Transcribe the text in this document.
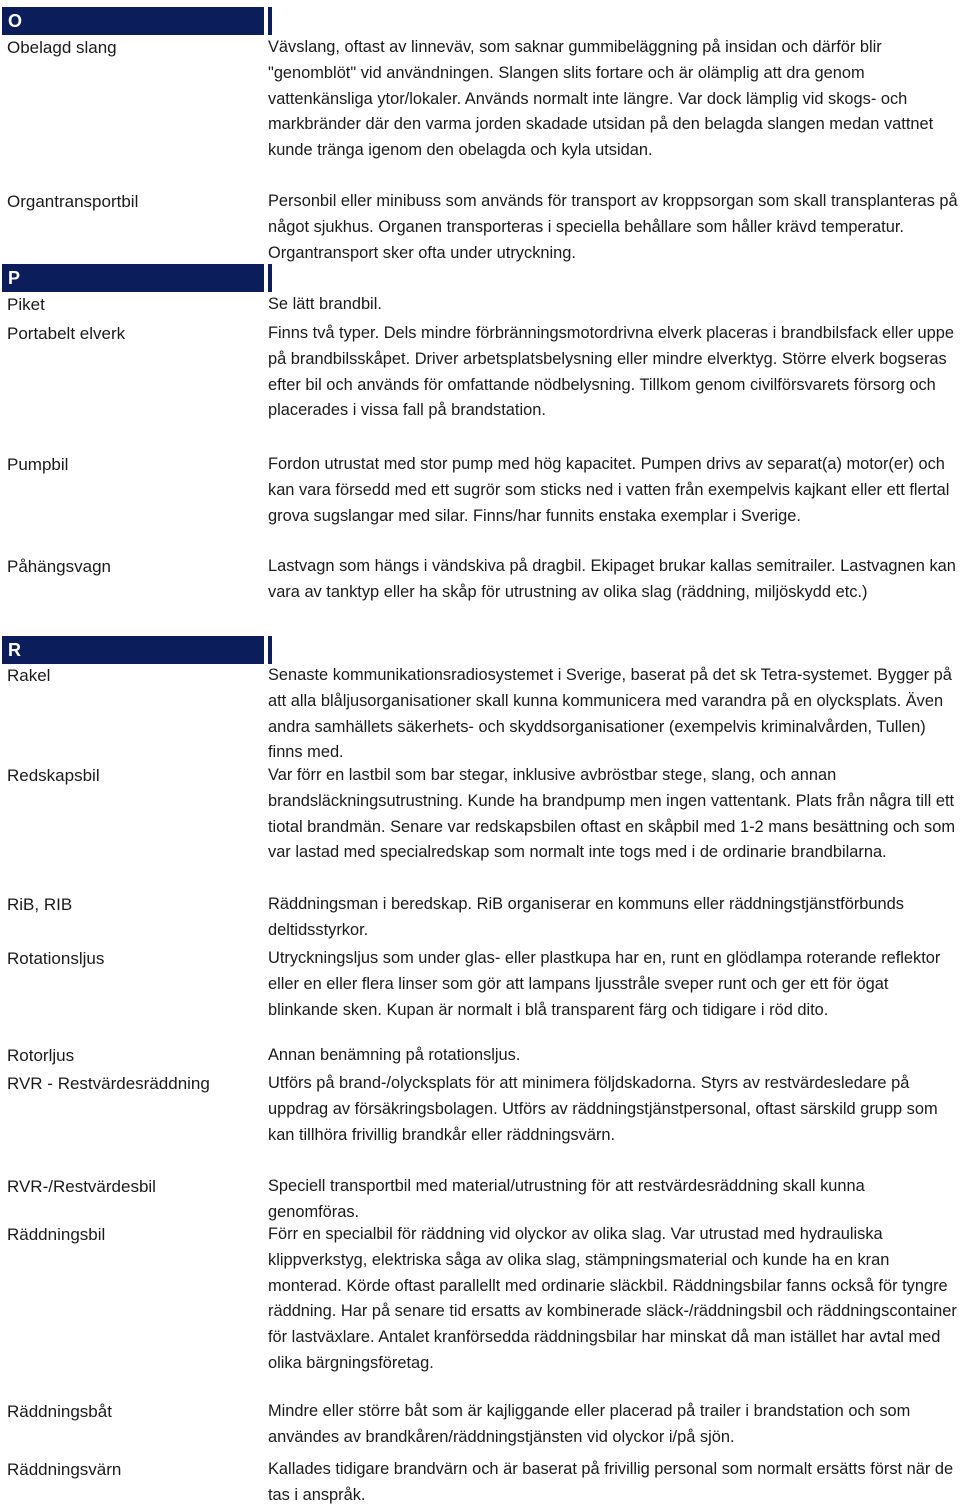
O
Obelagd slang	Vävslang, oftast av linneväv, som saknar gummibeläggning på insidan och därför blir "genomblöt" vid användningen. Slangen slits fortare och är olämplig att dra genom vattenkänsliga ytor/lokaler. Används normalt inte längre. Var dock lämplig vid skogs- och markbränder där den varma jorden skadade utsidan på den belagda slangen medan vattnet kunde tränga igenom den obelagda och kyla utsidan.
Organtransportbil	Personbil eller minibuss som används för transport av kroppsorgan som skall transplanteras på något sjukhus. Organen transporteras i speciella behållare som håller krävd temperatur. Organtransport sker ofta under utryckning.
P
Piket	Se lätt brandbil.
Portabelt elverk	Finns två typer. Dels mindre förbränningsmotordrivna elverk placeras i brandbilsfack eller uppe på brandbilsskåpet. Driver arbetsplatsbelysning eller mindre elverktyg. Större elverk bogseras efter bil och används för omfattande nödbelysning. Tillkom genom civilförsvarets försorg och placerades i vissa fall på brandstation.
Pumpbil	Fordon utrustat med stor pump med hög kapacitet. Pumpen drivs av separat(a) motor(er) och kan vara försedd med ett sugrör som sticks ned i vatten från exempelvis kajkant eller ett flertal grova sugslangar med silar. Finns/har funnits enstaka exemplar i Sverige.
Påhängsvagn	Lastvagn som hängs i vändskiva på dragbil. Ekipaget brukar kallas semitrailer. Lastvagnen kan vara av tanktyp eller ha skåp för utrustning av olika slag (räddning, miljöskydd etc.)
R
Rakel	Senaste kommunikationsradiosystemet i Sverige, baserat på det sk Tetra-systemet. Bygger på att alla blåljusorganisationer skall kunna kommunicera med varandra på en olycksplats. Även andra samhällets säkerhets- och skyddsorganisationer (exempelvis kriminalvården, Tullen) finns med.
Redskapsbil	Var förr en lastbil som bar stegar, inklusive avbröstbar stege, slang, och annan brandsläckningsutrustning. Kunde ha brandpump men ingen vattentank. Plats från några till ett tiotal brandmän. Senare var redskapsbilen oftast en skåpbil med 1-2 mans besättning och som var lastad med specialredskap som normalt inte togs med i de ordinarie brandbilarna.
RiB, RIB	Räddningsman i beredskap. RiB organiserar en kommuns eller räddningstjänstförbunds deltidsstyrkor.
Rotationsljus	Utryckningsljus som under glas- eller plastkupa har en, runt en glödlampa roterande reflektor eller en eller flera linser som gör att lampans ljusstråle sveper runt och ger ett för ögat blinkande sken. Kupan är normalt i blå transparent färg och tidigare i röd dito.
Rotorljus	Annan benämning på rotationsljus.
RVR - Restvärdesräddning	Utförs på brand-/olycksplats för att minimera följdskadorna. Styrs av restvärdesledare på uppdrag av försäkringsbolagen. Utförs av räddningstjänstpersonal, oftast särskild grupp som kan tillhöra frivillig brandkår eller räddningsvärn.
RVR-/Restvärdesbil	Speciell transportbil med material/utrustning för att restvärdesräddning skall kunna genomföras.
Räddningsbil	Förr en specialbil för räddning vid olyckor av olika slag. Var utrustad med hydrauliska klippverkstyg, elektriska såga av olika slag, stämpningsmaterial och kunde ha en kran monterad. Körde oftast parallellt med ordinarie släckbil. Räddningsbilar fanns också för tyngre räddning. Har på senare tid ersatts av kombinerade släck-/räddningsbil och räddningscontainer för lastväxlare. Antalet kranförsedda räddningsbilar har minskat då man istället har avtal med olika bärgningsföretag.
Räddningsbåt	Mindre eller större båt som är kajliggande eller placerad på trailer i brandstation och som användes av brandkåren/räddningstjänsten vid olyckor i/på sjön.
Räddningsvärn	Kallades tidigare brandvärn och är baserat på frivillig personal som normalt ersätts först när de tas i anspråk.
